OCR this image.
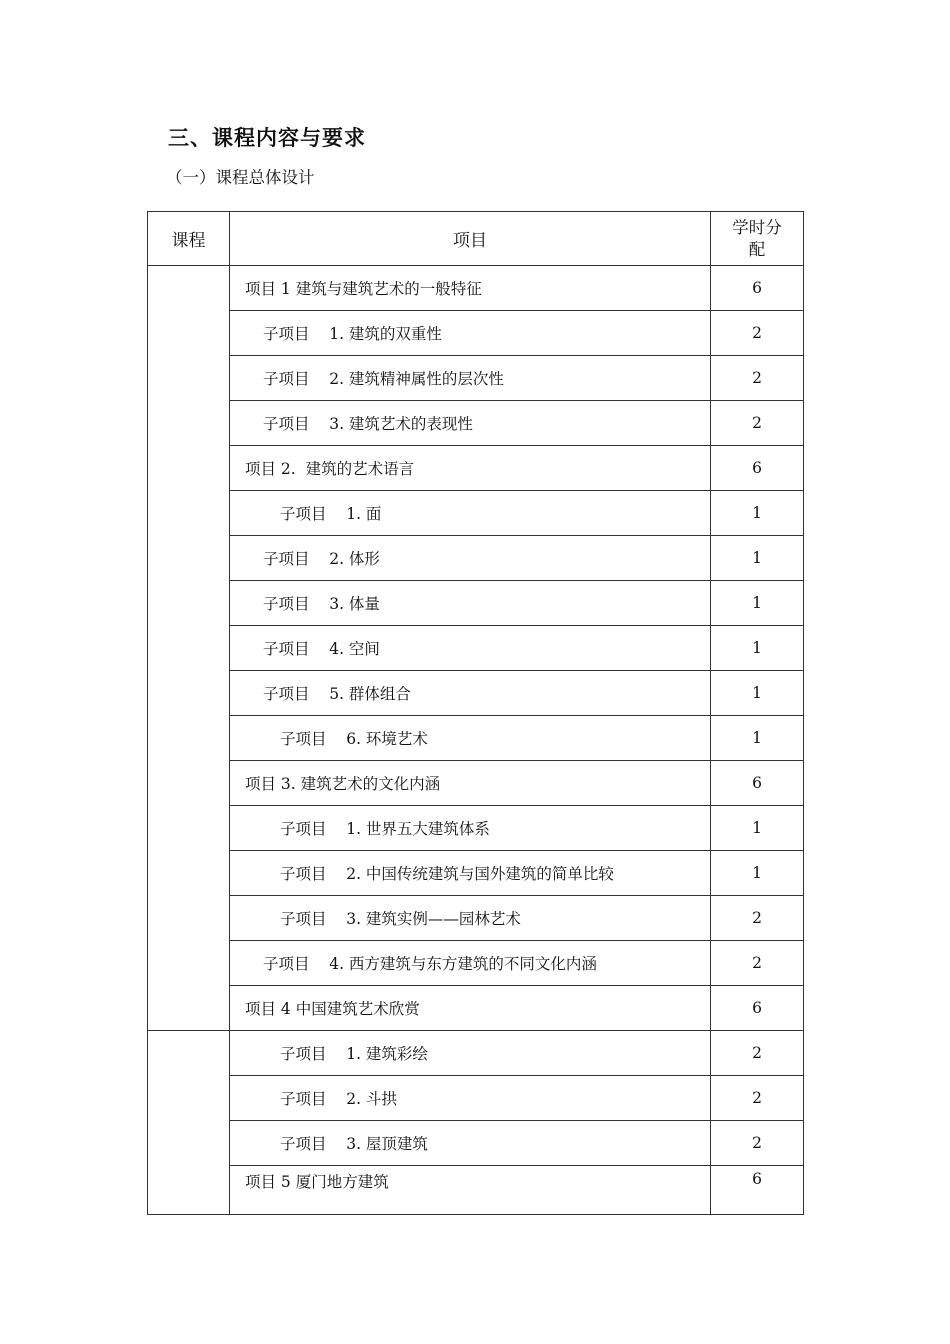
三、课程内容与要求
（一）课程总体设计
课程	项目	学时分配
	项目 1 建筑与建筑艺术的一般特征	6
	子项目    1. 建筑的双重性	2
	子项目    2. 建筑精神属性的层次性	2
	子项目    3. 建筑艺术的表现性	2
	项目 2.  建筑的艺术语言	6
	子项目    1. 面	1
	子项目    2. 体形	1
	子项目    3. 体量	1
	子项目    4. 空间	1
	子项目    5. 群体组合	1
	子项目    6. 环境艺术	1
	项目 3. 建筑艺术的文化内涵	6
	子项目    1. 世界五大建筑体系	1
	子项目    2. 中国传统建筑与国外建筑的简单比较	1
	子项目    3. 建筑实例——园林艺术	2
	子项目    4. 西方建筑与东方建筑的不同文化内涵	2
	项目 4 中国建筑艺术欣赏	6
	子项目    1. 建筑彩绘	2
	子项目    2. 斗拱	2
	子项目    3. 屋顶建筑	2
	项目 5 厦门地方建筑	6
